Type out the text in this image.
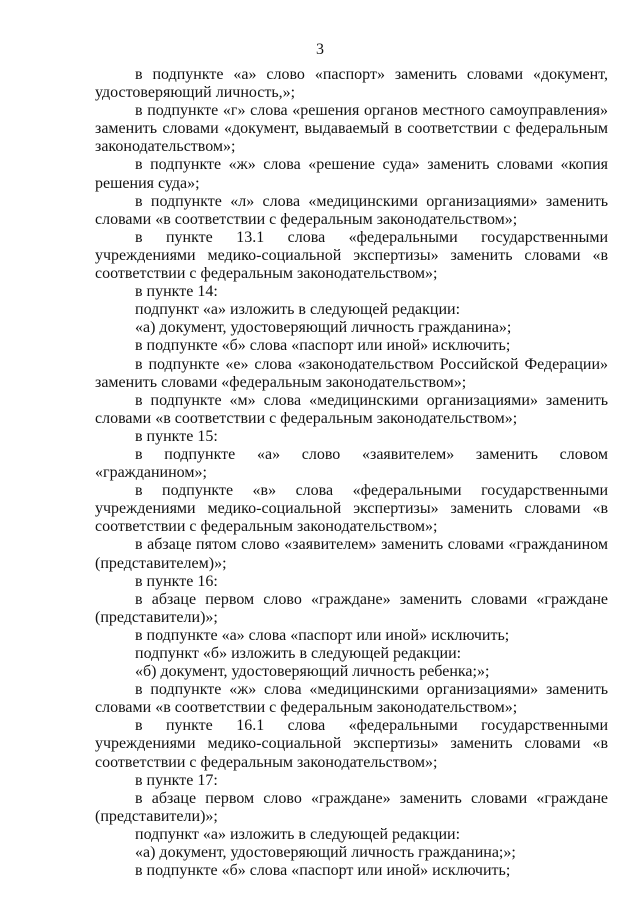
3

в подпункте «а» слово «паспорт» заменить словами «документ, удостоверяющий личность,»;

в подпункте «г» слова «решения органов местного самоуправления» заменить словами «документ, выдаваемый в соответствии с федеральным законодательством»;

в подпункте «ж» слова «решение суда» заменить словами «копия решения суда»;

в подпункте «л» слова «медицинскими организациями» заменить словами «в соответствии с федеральным законодательством»;

в пункте 13.1 слова «федеральными государственными учреждениями медико-социальной экспертизы» заменить словами «в соответствии с федеральным законодательством»;

в пункте 14:

подпункт «а» изложить в следующей редакции:

«а) документ, удостоверяющий личность гражданина»;

в подпункте «б» слова «паспорт или иной» исключить;

в подпункте «е» слова «законодательством Российской Федерации» заменить словами «федеральным законодательством»;

в подпункте «м» слова «медицинскими организациями» заменить словами «в соответствии с федеральным законодательством»;

в пункте 15:

в подпункте «а» слово «заявителем» заменить словом «гражданином»;

в подпункте «в» слова «федеральными государственными учреждениями медико-социальной экспертизы» заменить словами «в соответствии с федеральным законодательством»;

в абзаце пятом слово «заявителем» заменить словами «гражданином (представителем)»;

в пункте 16:

в абзаце первом слово «граждане» заменить словами «граждане (представители)»;

в подпункте «а» слова «паспорт или иной» исключить;

подпункт «б» изложить в следующей редакции:

«б) документ, удостоверяющий личность ребенка;»;

в подпункте «ж» слова «медицинскими организациями» заменить словами «в соответствии с федеральным законодательством»;

в пункте 16.1 слова «федеральными государственными учреждениями медико-социальной экспертизы» заменить словами «в соответствии с федеральным законодательством»;

в пункте 17:

в абзаце первом слово «граждане» заменить словами «граждане (представители)»;

подпункт «а» изложить в следующей редакции:

«а) документ, удостоверяющий личность гражданина;»;

в подпункте «б» слова «паспорт или иной» исключить;
